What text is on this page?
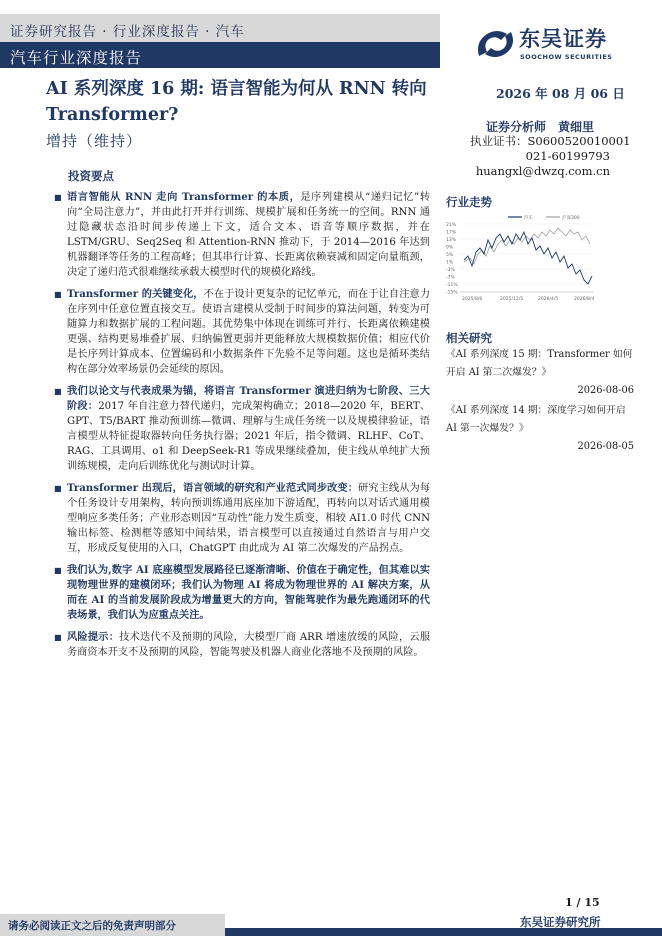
证券研究报告 · 行业深度报告 · 汽车
汽车行业深度报告
东吴证券
SOOCHOW SECURITIES
AI 系列深度 16 期: 语言智能为何从 RNN 转向 Transformer?
增持（维持）
2026 年 08 月 06 日
证券分析师　黄细里
执业证书：S0600520010001
021-60199793
huangxl@dwzq.com.cn
投资要点
■ 语言智能从 RNN 走向 Transformer 的本质，是序列建模从“递归记忆”转向“全局注意力”，并由此打开并行训练、规模扩展和任务统一的空间。RNN 通过隐藏状态沿时间步传递上下文，适合文本、语音等顺序数据，并在 LSTM/GRU、Seq2Seq 和 Attention-RNN 推动下，于 2014—2016 年达到机器翻译等任务的工程高峰；但其串行计算、长距离依赖衰减和固定向量瓶颈，决定了递归范式很难继续承载大模型时代的规模化路线。
■ Transformer 的关键变化，不在于设计更复杂的记忆单元，而在于让自注意力在序列中任意位置直接交互。使语言建模从受制于时间步的算法问题，转变为可随算力和数据扩展的工程问题。其优势集中体现在训练可并行、长距离依赖建模更强、结构更易堆叠扩展、归纳偏置更弱并更能释放大规模数据价值；相应代价是长序列计算成本、位置编码和小数据条件下先验不足等问题。这也是循环类结构在部分效率场景仍会延续的原因。
■ 我们以论文与代表成果为锚，将语言 Transformer 演进归纳为七阶段、三大阶段：2017 年自注意力替代递归，完成架构确立；2018—2020 年，BERT、GPT、T5/BART 推动预训练—微调、理解与生成任务统一以及规模律验证，语言模型从特征提取器转向任务执行器；2021 年后，指令微调、RLHF、CoT、RAG、工具调用、o1 和 DeepSeek-R1 等成果继续叠加，使主线从单纯扩大预训练规模，走向后训练优化与测试时计算。
■ Transformer 出现后，语言领域的研究和产业范式同步改变：研究主线从为每个任务设计专用架构，转向预训练通用底座加下游适配，再转向以对话式通用模型响应多类任务；产业形态则因“互动性”能力发生质变，相较 AI1.0 时代 CNN 输出标签、检测框等感知中间结果，语言模型可以直接通过自然语言与用户交互，形成反复使用的入口，ChatGPT 由此成为 AI 第二次爆发的产品拐点。
■ 我们认为,数字 AI 底座模型发展路径已逐渐清晰、价值在于确定性，但其难以实现物理世界的建模闭环；我们认为物理 AI 将成为物理世界的 AI 解决方案，从而在 AI 的当前发展阶段成为增量更大的方向，智能驾驶作为最先跑通闭环的代表场景，我们认为应重点关注。
■ 风险提示：技术迭代不及预期的风险，大模型厂商 ARR 增速放缓的风险，云服务商资本开支不及预期的风险，智能驾驶及机器人商业化落地不及预期的风险。
行业走势
汽车	沪深300
21%
17%
13%
9%
5%
1%
-3%
-7%
-11%
-15%
2025/8/6	2025/12/5	2026/4/5	2026/8/4
相关研究
《AI 系列深度 15 期：Transformer 如何开启 AI 第二次爆发？》
2026-08-06
《AI 系列深度 14 期：深度学习如何开启 AI 第一次爆发？》
2026-08-05
1 / 15
请务必阅读正文之后的免责声明部分	东吴证券研究所
